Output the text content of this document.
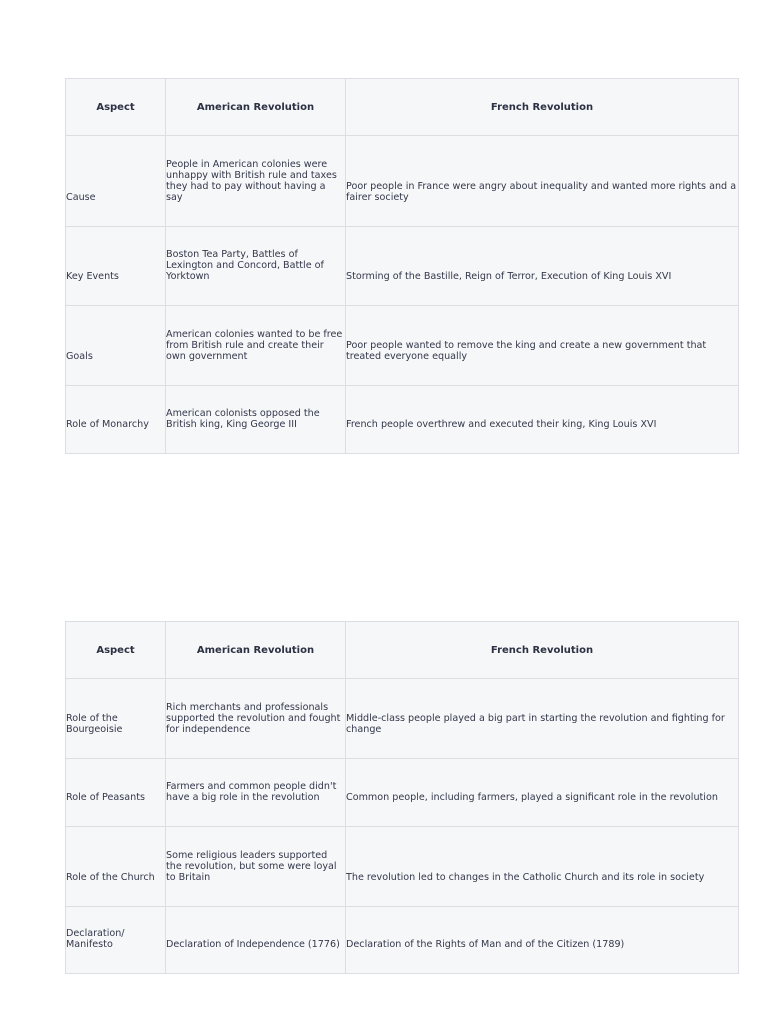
Aspect	American Revolution	French Revolution
Cause	People in American colonies were unhappy with British rule and taxes they had to pay without having a say	Poor people in France were angry about inequality and wanted more rights and a fairer society
Key Events	Boston Tea Party, Battles of Lexington and Concord, Battle of Yorktown	Storming of the Bastille, Reign of Terror, Execution of King Louis XVI
Goals	American colonies wanted to be free from British rule and create their own government	Poor people wanted to remove the king and create a new government that treated everyone equally
Role of Monarchy	American colonists opposed the British king, King George III	French people overthrew and executed their king, King Louis XVI
Aspect	American Revolution	French Revolution
Role of the Bourgeoisie	Rich merchants and professionals supported the revolution and fought for independence	Middle-class people played a big part in starting the revolution and fighting for change
Role of Peasants	Farmers and common people didn't have a big role in the revolution	Common people, including farmers, played a significant role in the revolution
Role of the Church	Some religious leaders supported the revolution, but some were loyal to Britain	The revolution led to changes in the Catholic Church and its role in society
Declaration/ Manifesto	Declaration of Independence (1776)	Declaration of the Rights of Man and of the Citizen (1789)
